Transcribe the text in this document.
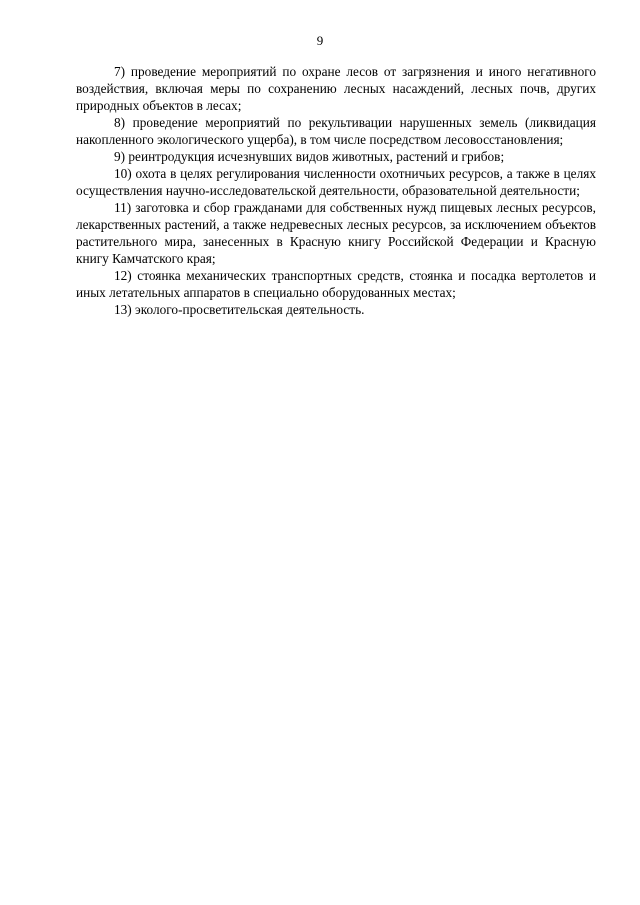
9

7) проведение мероприятий по охране лесов от загрязнения и иного негативного воздействия, включая меры по сохранению лесных насаждений, лесных почв, других природных объектов в лесах;

8) проведение мероприятий по рекультивации нарушенных земель (ликвидация накопленного экологического ущерба), в том числе посредством лесовосстановления;

9) реинтродукция исчезнувших видов животных, растений и грибов;

10) охота в целях регулирования численности охотничьих ресурсов, а также в целях осуществления научно-исследовательской деятельности, образовательной деятельности;

11) заготовка и сбор гражданами для собственных нужд пищевых лесных ресурсов, лекарственных растений, а также недревесных лесных ресурсов, за исключением объектов растительного мира, занесенных в Красную книгу Российской Федерации и Красную книгу Камчатского края;

12) стоянка механических транспортных средств, стоянка и посадка вертолетов и иных летательных аппаратов в специально оборудованных местах;

13) эколого-просветительская деятельность.
